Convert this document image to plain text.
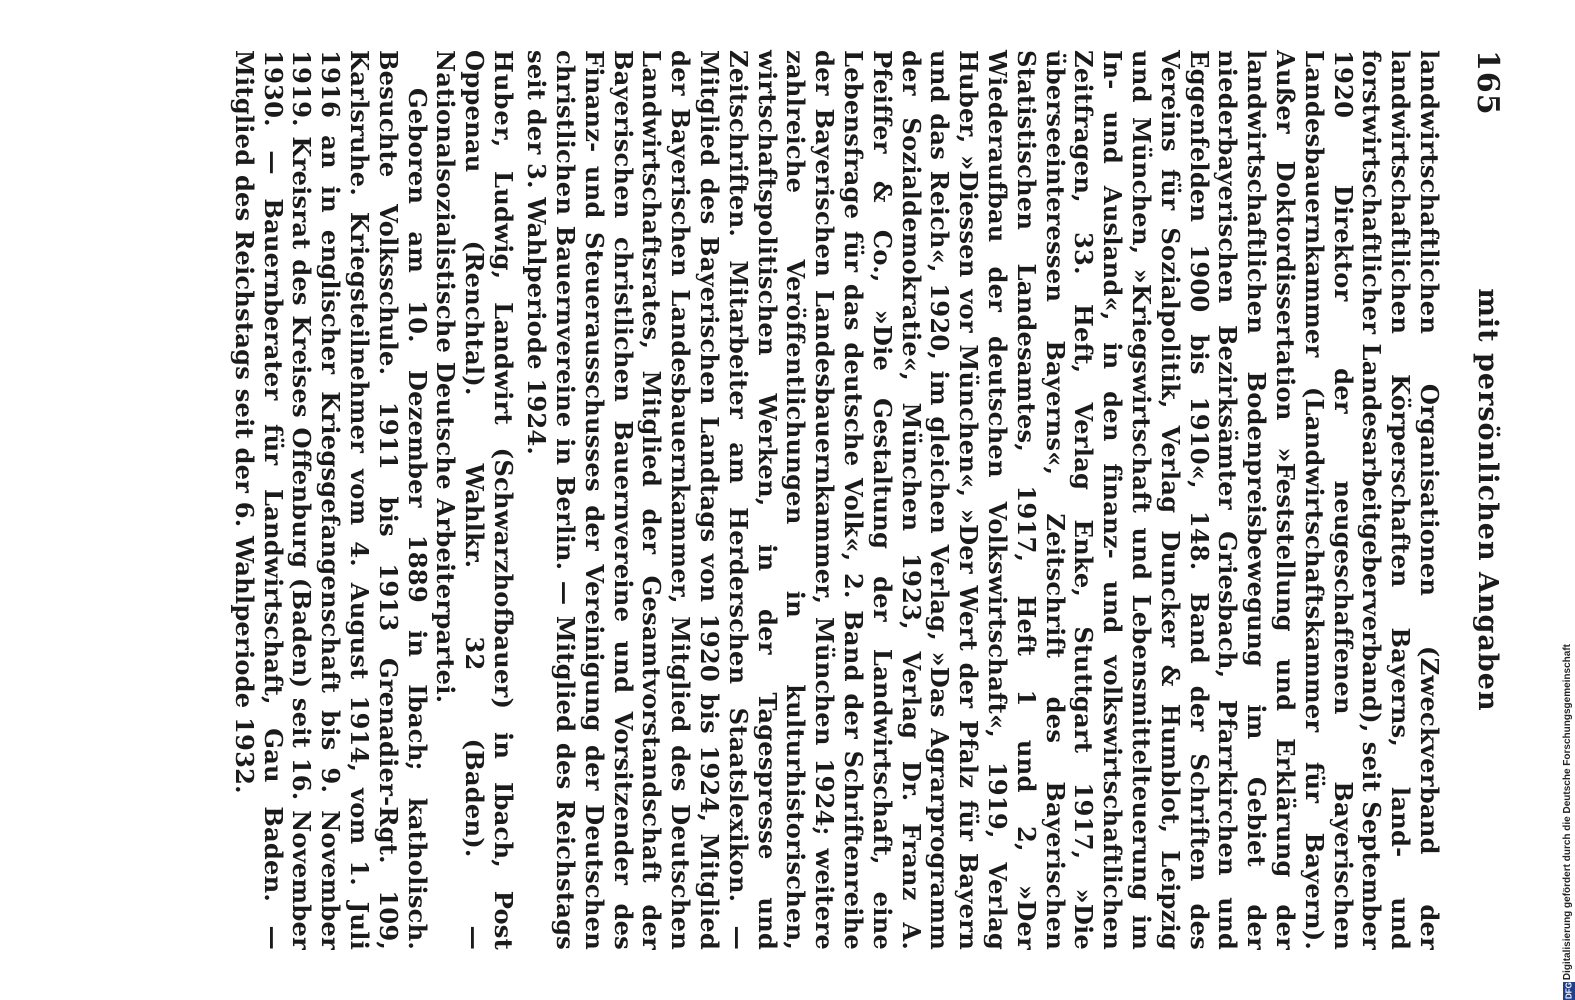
165
mit persönlichen Angaben

landwirtschaftlichen Organisationen (Zweckverband der landwirtschaftlichen Körperschaften Bayerns, land- und forstwirtschaftlicher Landesarbeitgeberverband), seit September 1920 Direktor der neugeschaffenen Bayerischen Landesbauernkammer (Landwirtschaftskammer für Bayern). Außer Doktordissertation »Feststellung und Erklärung der landwirtschaftlichen Bodenpreisbewegung im Gebiet der niederbayerischen Bezirksämter Griesbach, Pfarrkirchen und Eggenfelden 1900 bis 1910«, 148. Band der Schriften des Vereins für Sozialpolitik, Verlag Duncker & Humblot, Leipzig und München, »Kriegswirtschaft und Lebensmittelteuerung im In- und Ausland«, in den finanz- und volkswirtschaftlichen Zeitfragen, 33. Heft, Verlag Enke, Stuttgart 1917, »Die überseeinteressen Bayerns«, Zeitschrift des Bayerischen Statistischen Landesamtes, 1917, Heft 1 und 2, »Der Wiederaufbau der deutschen Volkswirtschaft«, 1919, Verlag Huber, »Diessen vor München«, »Der Wert der Pfalz für Bayern und das Reich«, 1920, im gleichen Verlag, »Das Agrarprogramm der Sozialdemokratie«, München 1923, Verlag Dr. Franz A. Pfeiffer & Co., »Die Gestaltung der Landwirtschaft, eine Lebensfrage für das deutsche Volk«, 2. Band der Schriftenreihe der Bayerischen Landesbauernkammer, München 1924; weitere zahlreiche Veröffentlichungen in kulturhistorischen, wirtschaftspolitischen Werken, in der Tagespresse und Zeitschriften. Mitarbeiter am Herderschen Staatslexikon. — Mitglied des Bayerischen Landtags von 1920 bis 1924, Mitglied der Bayerischen Landesbauernkammer, Mitglied des Deutschen Landwirtschaftsrates, Mitglied der Gesamtvorstandschaft der Bayerischen christlichen Bauernvereine und Vorsitzender des Finanz- und Steuerausschusses der Vereinigung der Deutschen christlichen Bauernvereine in Berlin. — Mitglied des Reichstags seit der 3. Wahlperiode 1924.

Huber, Ludwig, Landwirt (Schwarzhofbauer) in Ibach, Post Oppenau (Renchtal). Wahlkr. 32 (Baden). — Nationalsozialistische Deutsche Arbeiterpartei.

Geboren am 10. Dezember 1889 in Ibach; katholisch. Besuchte Volksschule. 1911 bis 1913 Grenadier-Rgt. 109, Karlsruhe. Kriegsteilnehmer vom 4. August 1914, vom 1. Juli 1916 an in englischer Kriegsgefangenschaft bis 9. November 1919. Kreisrat des Kreises Offenburg (Baden) seit 16. November 1930. — Bauernberater für Landwirtschaft, Gau Baden. — Mitglied des Reichstags seit der 6. Wahlperiode 1932.

Digitalisierung gefördert durch die Deutsche Forschungsgemeinschaft
DFG
